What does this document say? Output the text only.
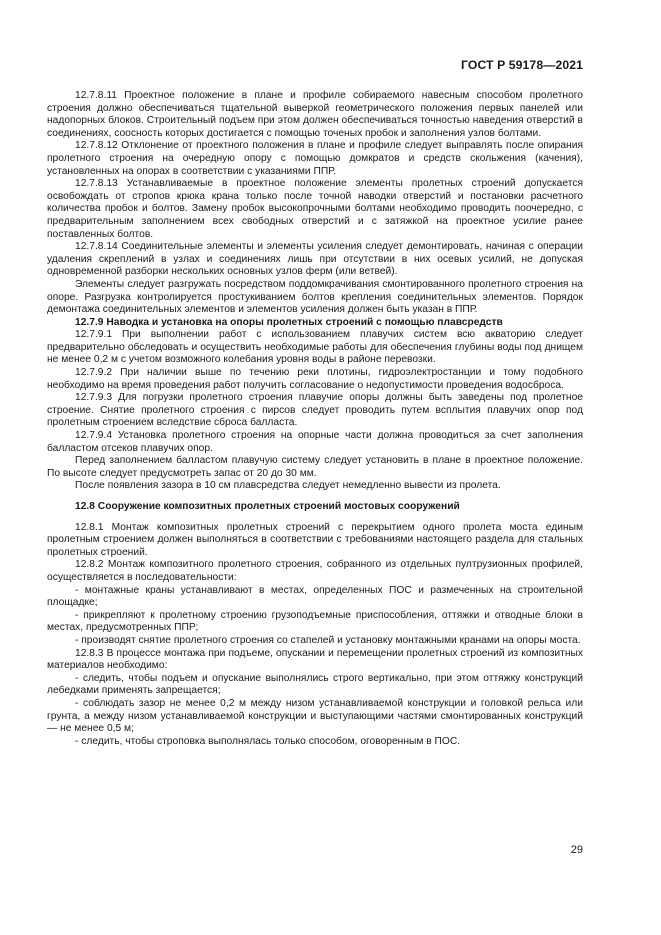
ГОСТ Р 59178—2021

12.7.8.11 Проектное положение в плане и профиле собираемого навесным способом пролетного строения должно обеспечиваться тщательной выверкой геометрического положения первых панелей или надопорных блоков. Строительный подъем при этом должен обеспечиваться точностью наведения отверстий в соединениях, соосность которых достигается с помощью точеных пробок и заполнения узлов болтами.

12.7.8.12 Отклонение от проектного положения в плане и профиле следует выправлять после опирания пролетного строения на очередную опору с помощью домкратов и средств скольжения (качения), установленных на опорах в соответствии с указаниями ППР.

12.7.8.13 Устанавливаемые в проектное положение элементы пролетных строений допускается освобождать от стропов крюка крана только после точной наводки отверстий и постановки расчетного количества пробок и болтов. Замену пробок высокопрочными болтами необходимо проводить поочередно, с предварительным заполнением всех свободных отверстий и с затяжкой на проектное усилие ранее поставленных болтов.

12.7.8.14 Соединительные элементы и элементы усиления следует демонтировать, начиная с операции удаления скреплений в узлах и соединениях лишь при отсутствии в них осевых усилий, не допуская одновременной разборки нескольких основных узлов ферм (или ветвей).

Элементы следует разгружать посредством поддомкрачивания смонтированного пролетного строения на опоре. Разгрузка контролируется простукиванием болтов крепления соединительных элементов. Порядок демонтажа соединительных элементов и элементов усиления должен быть указан в ППР.

12.7.9 Наводка и установка на опоры пролетных строений с помощью плавсредств

12.7.9.1 При выполнении работ с использованием плавучих систем всю акваторию следует предварительно обследовать и осуществить необходимые работы для обеспечения глубины воды под днищем не менее 0,2 м с учетом возможного колебания уровня воды в районе перевозки.

12.7.9.2 При наличии выше по течению реки плотины, гидроэлектростанции и тому подобного необходимо на время проведения работ получить согласование о недопустимости проведения водосброса.

12.7.9.3 Для погрузки пролетного строения плавучие опоры должны быть заведены под пролетное строение. Снятие пролетного строения с пирсов следует проводить путем всплытия плавучих опор под пролетным строением вследствие сброса балласта.

12.7.9.4 Установка пролетного строения на опорные части должна проводиться за счет заполнения балластом отсеков плавучих опор.

Перед заполнением балластом плавучую систему следует установить в плане в проектное положение. По высоте следует предусмотреть запас от 20 до 30 мм.

После появления зазора в 10 см плавсредства следует немедленно вывести из пролета.

12.8 Сооружение композитных пролетных строений мостовых сооружений

12.8.1 Монтаж композитных пролетных строений с перекрытием одного пролета моста единым пролетным строением должен выполняться в соответствии с требованиями настоящего раздела для стальных пролетных строений.

12.8.2 Монтаж композитного пролетного строения, собранного из отдельных пултрузионных профилей, осуществляется в последовательности:

- монтажные краны устанавливают в местах, определенных ПОС и размеченных на строительной площадке;

- прикрепляют к пролетному строению грузоподъемные приспособления, оттяжки и отводные блоки в местах, предусмотренных ППР;

- производят снятие пролетного строения со стапелей и установку монтажными кранами на опоры моста.

12.8.3 В процессе монтажа при подъеме, опускании и перемещении пролетных строений из композитных материалов необходимо:

- следить, чтобы подъем и опускание выполнялись строго вертикально, при этом оттяжку конструкций лебедками применять запрещается;

- соблюдать зазор не менее 0,2 м между низом устанавливаемой конструкции и головкой рельса или грунта, а между низом устанавливаемой конструкции и выступающими частями смонтированных конструкций — не менее 0,5 м;

- следить, чтобы строповка выполнялась только способом, оговоренным в ПОС.

29
